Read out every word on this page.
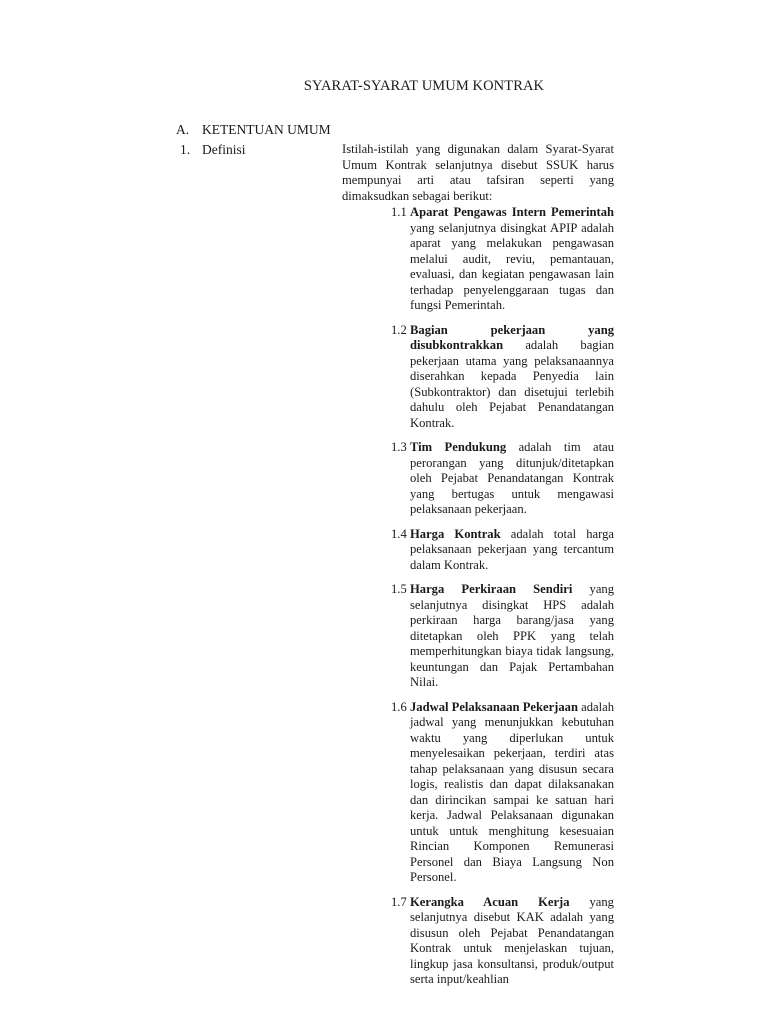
SYARAT-SYARAT UMUM KONTRAK
A. KETENTUAN UMUM
1. Definisi	Istilah-istilah yang digunakan dalam Syarat-Syarat Umum Kontrak selanjutnya disebut SSUK harus mempunyai arti atau tafsiran seperti yang dimaksudkan sebagai berikut:
1.1 Aparat Pengawas Intern Pemerintah yang selanjutnya disingkat APIP adalah aparat yang melakukan pengawasan melalui audit, reviu, pemantauan, evaluasi, dan kegiatan pengawasan lain terhadap penyelenggaraan tugas dan fungsi Pemerintah.
1.2 Bagian pekerjaan yang disubkontrakkan adalah bagian pekerjaan utama yang pelaksanaannya diserahkan kepada Penyedia lain (Subkontraktor) dan disetujui terlebih dahulu oleh Pejabat Penandatangan Kontrak.
1.3 Tim Pendukung adalah tim atau perorangan yang ditunjuk/ditetapkan oleh Pejabat Penandatangan Kontrak yang bertugas untuk mengawasi pelaksanaan pekerjaan.
1.4 Harga Kontrak adalah total harga pelaksanaan pekerjaan yang tercantum dalam Kontrak.
1.5 Harga Perkiraan Sendiri yang selanjutnya disingkat HPS adalah perkiraan harga barang/jasa yang ditetapkan oleh PPK yang telah memperhitungkan biaya tidak langsung, keuntungan dan Pajak Pertambahan Nilai.
1.6 Jadwal Pelaksanaan Pekerjaan adalah jadwal yang menunjukkan kebutuhan waktu yang diperlukan untuk menyelesaikan pekerjaan, terdiri atas tahap pelaksanaan yang disusun secara logis, realistis dan dapat dilaksanakan dan dirincikan sampai ke satuan hari kerja. Jadwal Pelaksanaan digunakan untuk untuk menghitung kesesuaian Rincian Komponen Remunerasi Personel dan Biaya Langsung Non Personel.
1.7 Kerangka Acuan Kerja yang selanjutnya disebut KAK adalah yang disusun oleh Pejabat Penandatangan Kontrak untuk menjelaskan tujuan, lingkup jasa konsultansi, produk/output serta input/keahlian
